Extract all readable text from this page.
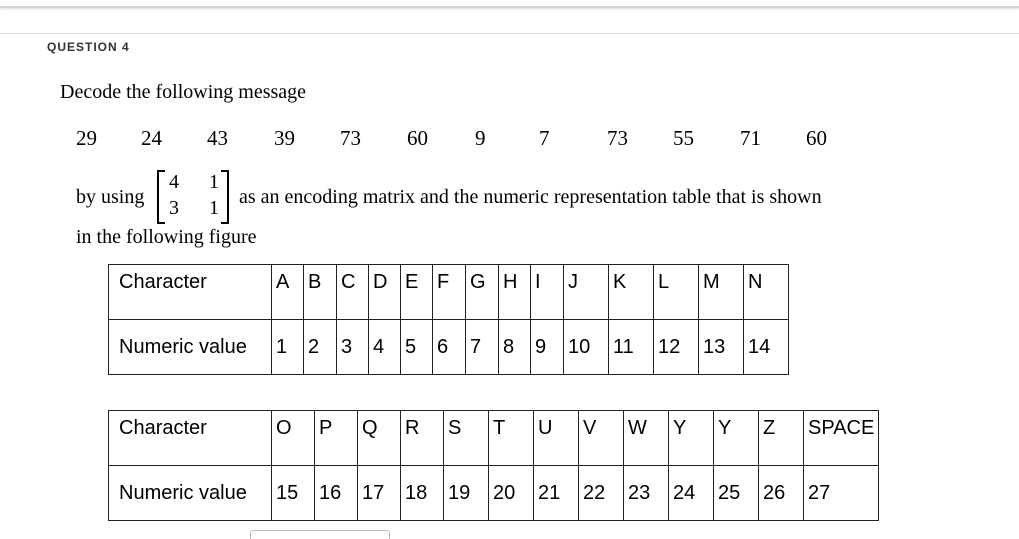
QUESTION 4
Decode the following message
29 24 43 39 73 60 9	7	73 55 71 60
by using
4 1
3 1 as an encoding matrix and the numeric representation table that is shown
in the following figure
Character	A	B	C	D	E	F	G	H	I	J	K	L	M	N
Numeric value	1	2	3	4	5	6	7	8	9	10	11	12	13	14
Character	O	P	Q	R	S	T	U	V	W	Y	Y	Z	SPACE
Numeric value	15	16	17	18	19	20	21	22	23	24	25	26	27
